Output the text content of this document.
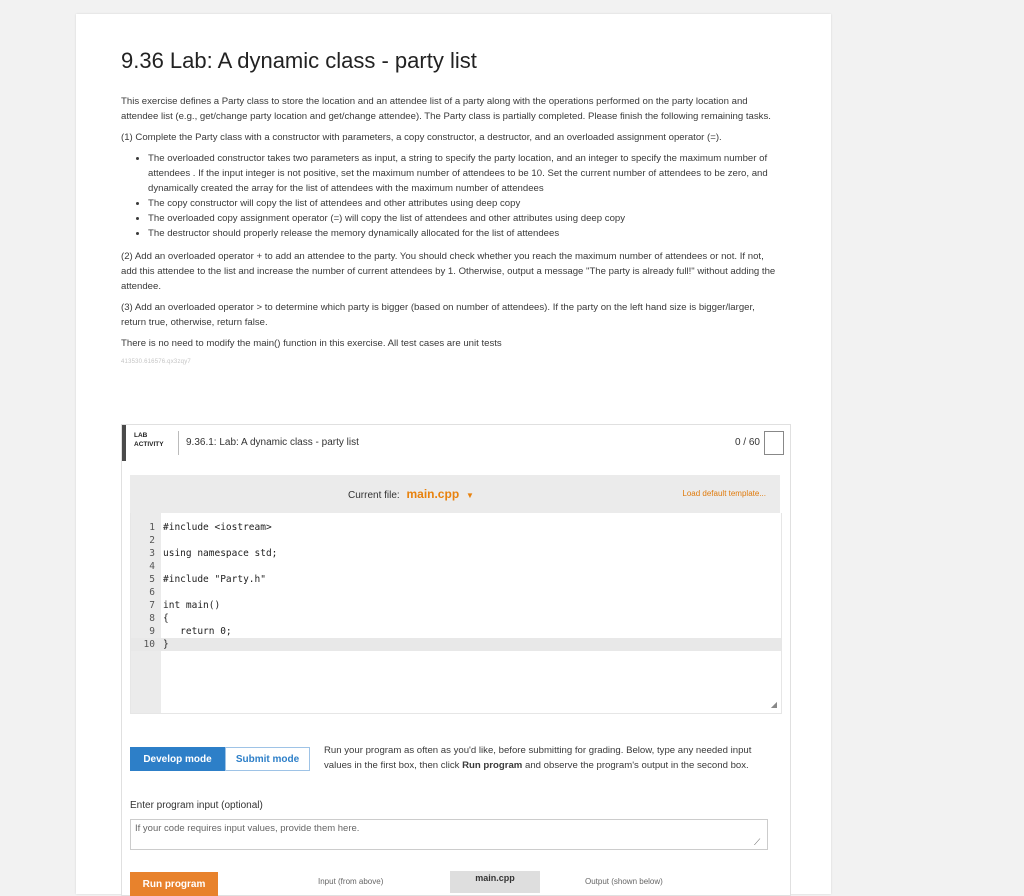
9.36 Lab: A dynamic class - party list

This exercise defines a Party class to store the location and an attendee list of a party along with the operations performed on the party location and attendee list (e.g., get/change party location and get/change attendee). The Party class is partially completed. Please finish the following remaining tasks.

(1) Complete the Party class with a constructor with parameters, a copy constructor, a destructor, and an overloaded assignment operator (=).

• The overloaded constructor takes two parameters as input, a string to specify the party location, and an integer to specify the maximum number of attendees . If the input integer is not positive, set the maximum number of attendees to be 10. Set the current number of attendees to be zero, and dynamically created the array for the list of attendees with the maximum number of attendees
• The copy constructor will copy the list of attendees and other attributes using deep copy
• The overloaded copy assignment operator (=) will copy the list of attendees and other attributes using deep copy
• The destructor should properly release the memory dynamically allocated for the list of attendees

(2) Add an overloaded operator + to add an attendee to the party. You should check whether you reach the maximum number of attendees or not. If not, add this attendee to the list and increase the number of current attendees by 1. Otherwise, output a message "The party is already full!" without adding the attendee.

(3) Add an overloaded operator > to determine which party is bigger (based on number of attendees). If the party on the left hand size is bigger/larger, return true, otherwise, return false.

There is no need to modify the main() function in this exercise. All test cases are unit tests

413530.616576.qx3zqy7
LAB
ACTIVITY 9.36.1: Lab: A dynamic class - party list	0 / 60
Current file: main.cpp ▼	Load default template...
1 #include <iostream>
2
3 using namespace std;
4
5 #include "Party.h"
6
7 int main()
8 {
9 return 0;
10 }
◢
Develop mode	Submit mode
Run your program as often as you'd like, before submitting for grading. Below, type any needed input values in the first box, then click Run program and observe the program's output in the second box.
Enter program input (optional)
If your code requires input values, provide them here.
⟋
Run program	Input (from above)	main.cpp	Output (shown below)
